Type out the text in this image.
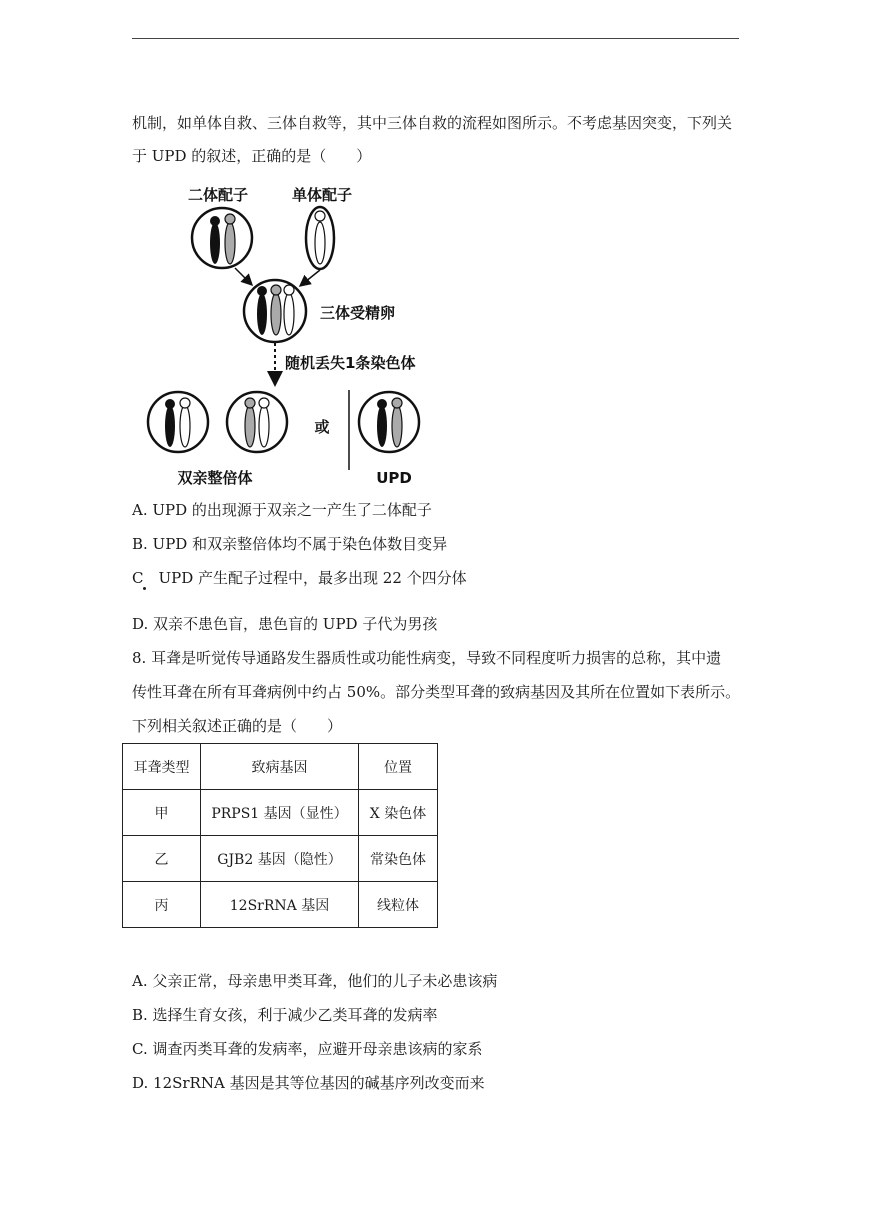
机制，如单体自救、三体自救等，其中三体自救的流程如图所示。不考虑基因突变，下列关
于 UPD 的叙述，正确的是（　　）
二体配子	单体配子
三体受精卵
随机丢失1条染色体
或
双亲整倍体	UPD
A. UPD 的出现源于双亲之一产生了二体配子
B. UPD 和双亲整倍体均不属于染色体数目变异
C　UPD 产生配子过程中，最多出现 22 个四分体
D. 双亲不患色盲，患色盲的 UPD 子代为男孩
8. 耳聋是听觉传导通路发生器质性或功能性病变，导致不同程度听力损害的总称，其中遗
传性耳聋在所有耳聋病例中约占 50%。部分类型耳聋的致病基因及其所在位置如下表所示。
下列相关叙述正确的是（　　）
耳聋类型	致病基因	位置
甲	PRPS1 基因（显性）	X 染色体
乙	GJB2 基因（隐性）	常染色体
丙	12SrRNA 基因	线粒体
A. 父亲正常，母亲患甲类耳聋，他们的儿子未必患该病
B. 选择生育女孩，利于减少乙类耳聋的发病率
C. 调查丙类耳聋的发病率，应避开母亲患该病的家系
D. 12SrRNA 基因是其等位基因的碱基序列改变而来
